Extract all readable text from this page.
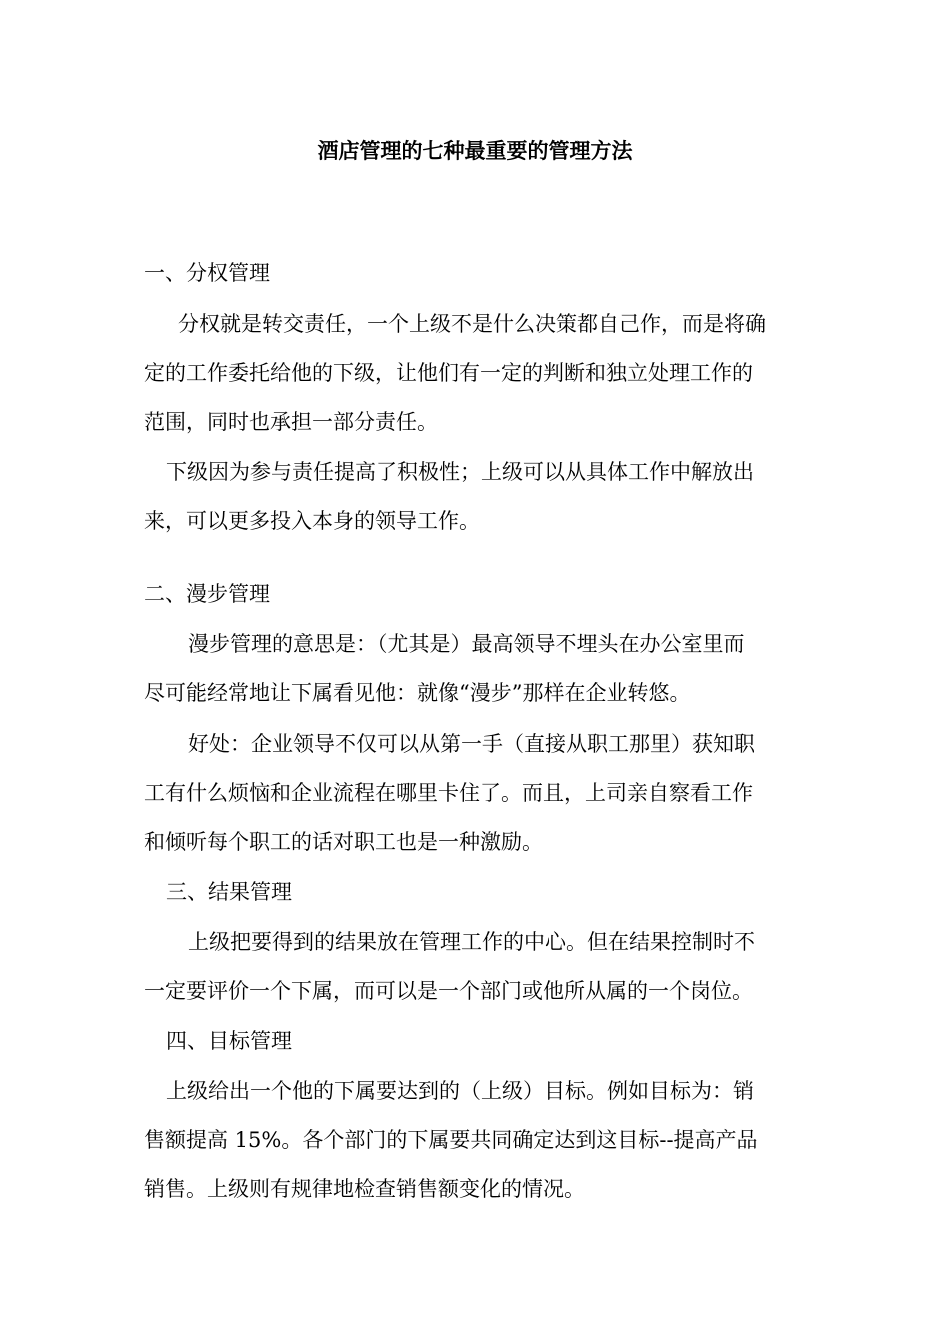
酒店管理的七种最重要的管理方法
一、分权管理
分权就是转交责任，一个上级不是什么决策都自己作，而是将确
定的工作委托给他的下级，让他们有一定的判断和独立处理工作的
范围，同时也承担一部分责任。
下级因为参与责任提高了积极性；上级可以从具体工作中解放出
来，可以更多投入本身的领导工作。
二、漫步管理
漫步管理的意思是：（尤其是）最高领导不埋头在办公室里而
尽可能经常地让下属看见他：就像“漫步”那样在企业转悠。
好处：企业领导不仅可以从第一手（直接从职工那里）获知职
工有什么烦恼和企业流程在哪里卡住了。而且，上司亲自察看工作
和倾听每个职工的话对职工也是一种激励。
三、结果管理
上级把要得到的结果放在管理工作的中心。但在结果控制时不
一定要评价一个下属，而可以是一个部门或他所从属的一个岗位。
四、目标管理
上级给出一个他的下属要达到的（上级）目标。例如目标为：销
售额提高 15%。各个部门的下属要共同确定达到这目标--提高产品
销售。上级则有规律地检查销售额变化的情况。
